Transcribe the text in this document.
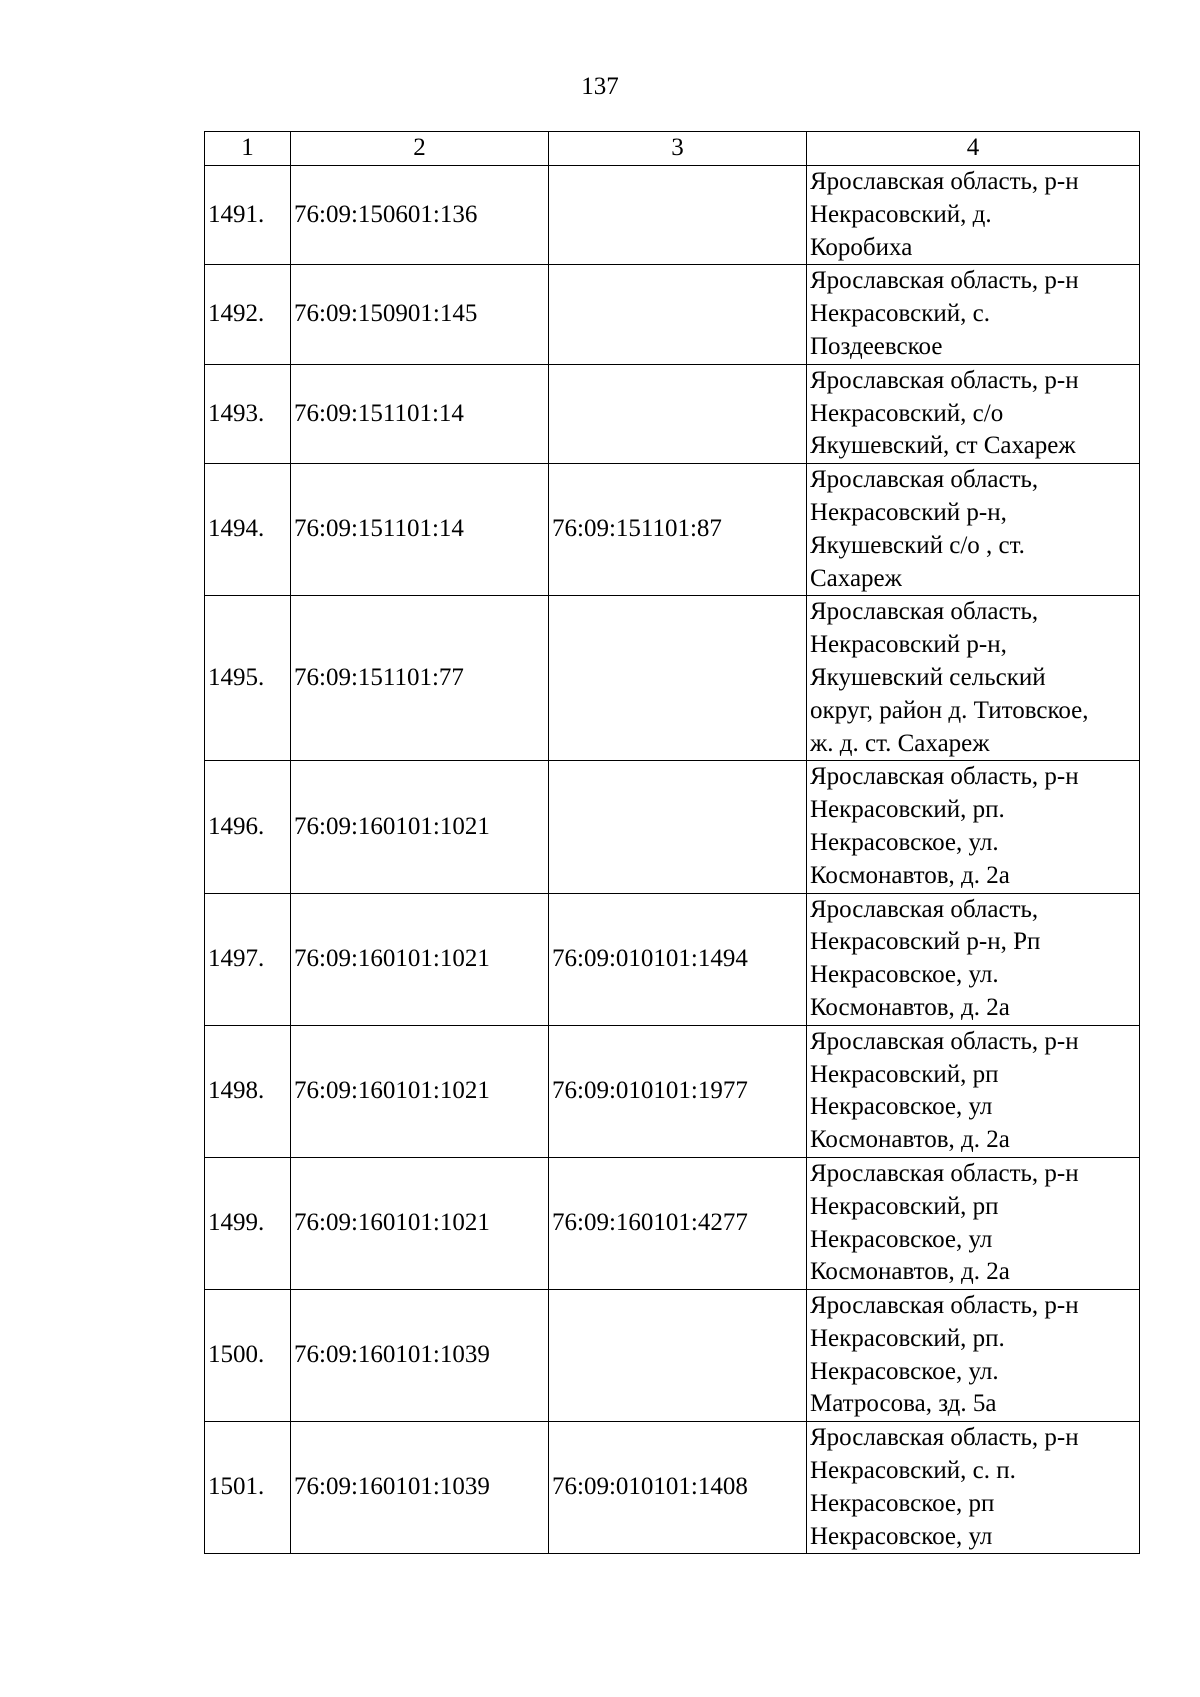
137
1	2	3	4
1491.	76:09:150601:136		Ярославская область, р-н
Некрасовский, д.
Коробиха

1492.	76:09:150901:145		Ярославская область, р-н
Некрасовский, с.
Поздеевское

1493.	76:09:151101:14		Ярославская область, р-н
Некрасовский, с/о
Якушевский, ст Сахареж

1494.	76:09:151101:14	76:09:151101:87	Ярославская область,
Некрасовский р-н,
Якушевский с/о , ст.
Сахареж

1495.	76:09:151101:77		Ярославская область,
Некрасовский р-н,
Якушевский сельский
округ, район д. Титовское,
ж. д. ст. Сахареж

1496.	76:09:160101:1021		Ярославская область, р-н
Некрасовский, рп.
Некрасовское, ул.
Космонавтов, д. 2а

1497.	76:09:160101:1021	76:09:010101:1494	Ярославская область,
Некрасовский р-н, Рп
Некрасовское, ул.
Космонавтов, д. 2а

1498.	76:09:160101:1021	76:09:010101:1977	Ярославская область, р-н
Некрасовский, рп
Некрасовское, ул
Космонавтов, д. 2а

1499.	76:09:160101:1021	76:09:160101:4277	Ярославская область, р-н
Некрасовский, рп
Некрасовское, ул
Космонавтов, д. 2а

1500.	76:09:160101:1039		Ярославская область, р-н
Некрасовский, рп.
Некрасовское, ул.
Матросова, зд. 5а

1501.	76:09:160101:1039	76:09:010101:1408	Ярославская область, р-н
Некрасовский, с. п.
Некрасовское, рп
Некрасовское, ул
